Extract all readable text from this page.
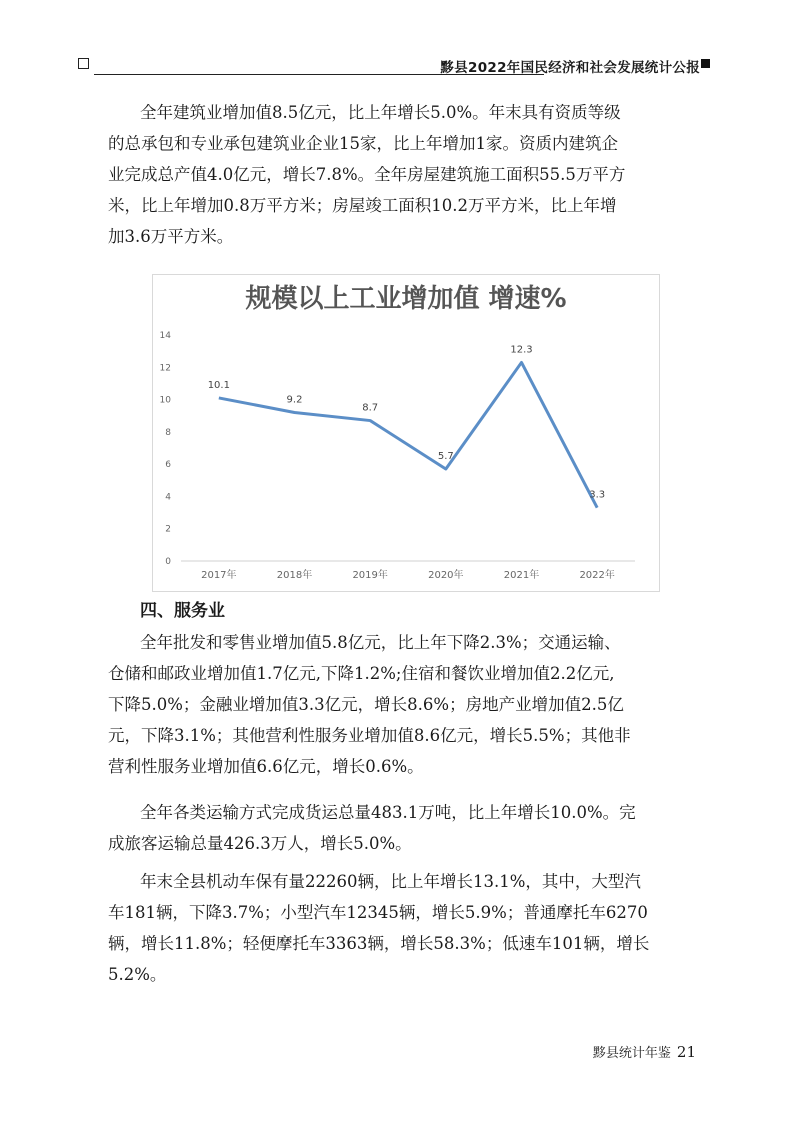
黟县2022年国民经济和社会发展统计公报
全年建筑业增加值8.5亿元，比上年增长5.0%。年末具有资质等级
的总承包和专业承包建筑业企业15家，比上年增加1家。资质内建筑企
业完成总产值4.0亿元，增长7.8%。全年房屋建筑施工面积55.5万平方
米，比上年增加0.8万平方米；房屋竣工面积10.2万平方米，比上年增
加3.6万平方米。
规模以上工业增加值 增速%
0
2
4
6
8
10
12
14
2017年	2018年	2019年	2020年	2021年	2022年
10.1
9.2
8.7
5.7
12.3
3.3
四、服务业
全年批发和零售业增加值5.8亿元，比上年下降2.3%；交通运输、
仓储和邮政业增加值1.7亿元,下降1.2%;住宿和餐饮业增加值2.2亿元,
下降5.0%；金融业增加值3.3亿元，增长8.6%；房地产业增加值2.5亿
元，下降3.1%；其他营利性服务业增加值8.6亿元，增长5.5%；其他非
营利性服务业增加值6.6亿元，增长0.6%。
全年各类运输方式完成货运总量483.1万吨，比上年增长10.0%。完
成旅客运输总量426.3万人，增长5.0%。
年末全县机动车保有量22260辆，比上年增长13.1%，其中，大型汽
车181辆，下降3.7%；小型汽车12345辆，增长5.9%；普通摩托车6270
辆，增长11.8%；轻便摩托车3363辆，增长58.3%；低速车101辆，增长
5.2%。
黟县统计年鉴 21
